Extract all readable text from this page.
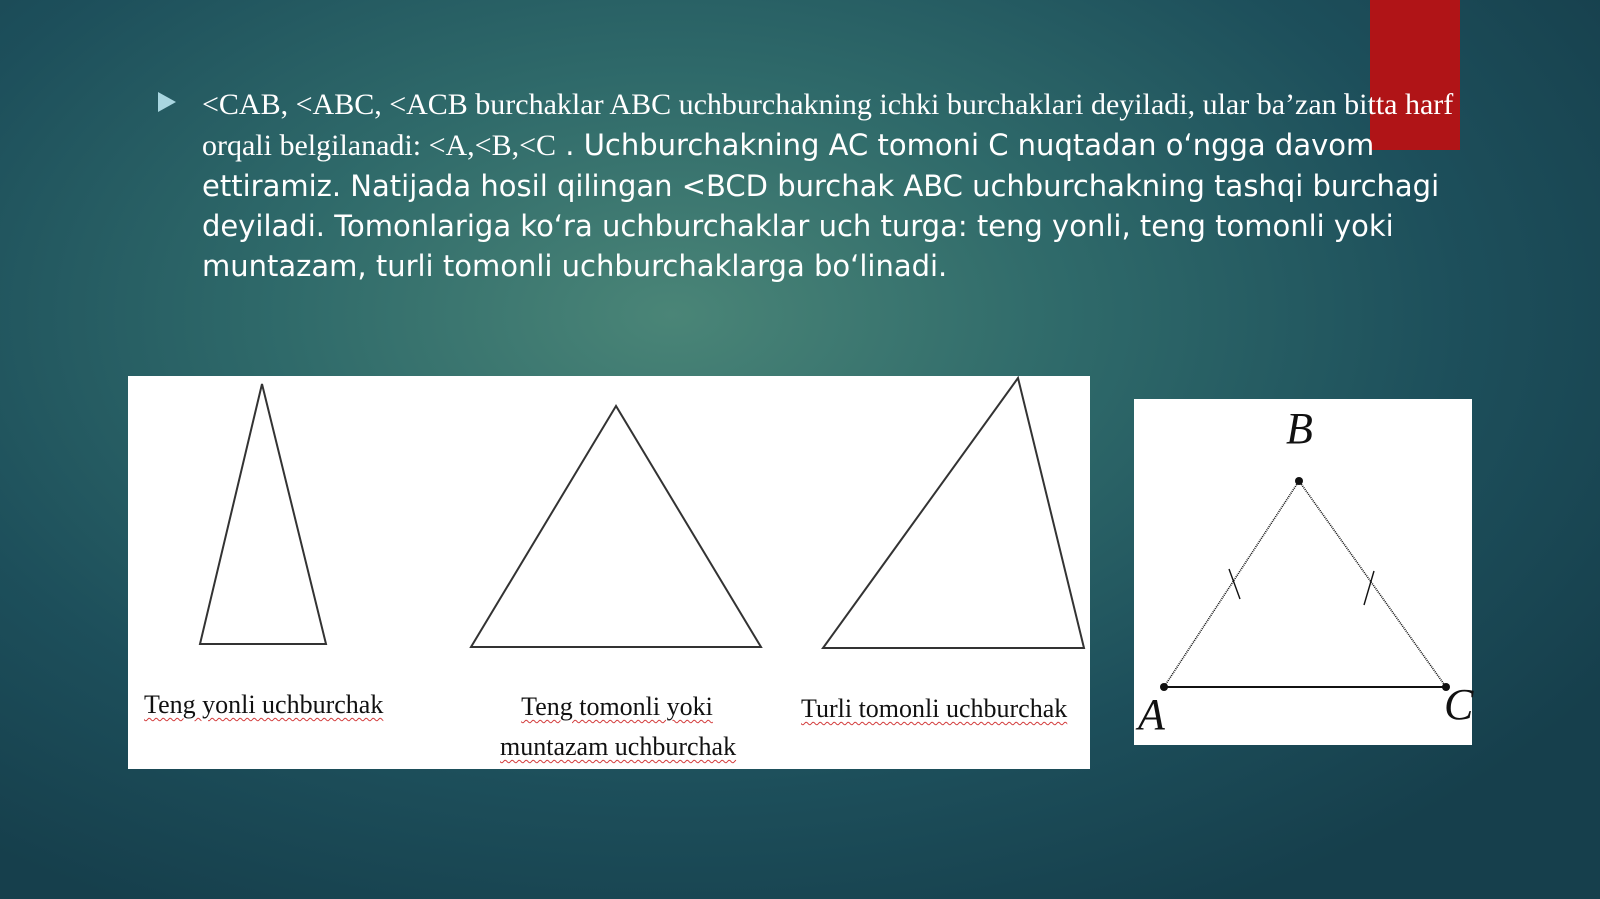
<CAB, <ABC, <ACB burchaklar ABC uchburchakning ichki burchaklari deyiladi, ular ba’zan bitta harf orqali belgilanadi: <A,<B,<C . Uchburchakning AC tomoni C nuqtadan o‘ngga davom ettiramiz. Natijada hosil qilingan <BCD burchak ABC uchburchakning tashqi burchagi deyiladi. Tomonlariga ko‘ra uchburchaklar uch turga: teng yonli, teng tomonli yoki muntazam, turli tomonli uchburchaklarga bo‘linadi.
Teng yonli uchburchak	Teng tomonli yoki
muntazam uchburchak
Turli tomonli uchburchak
B
A	C
